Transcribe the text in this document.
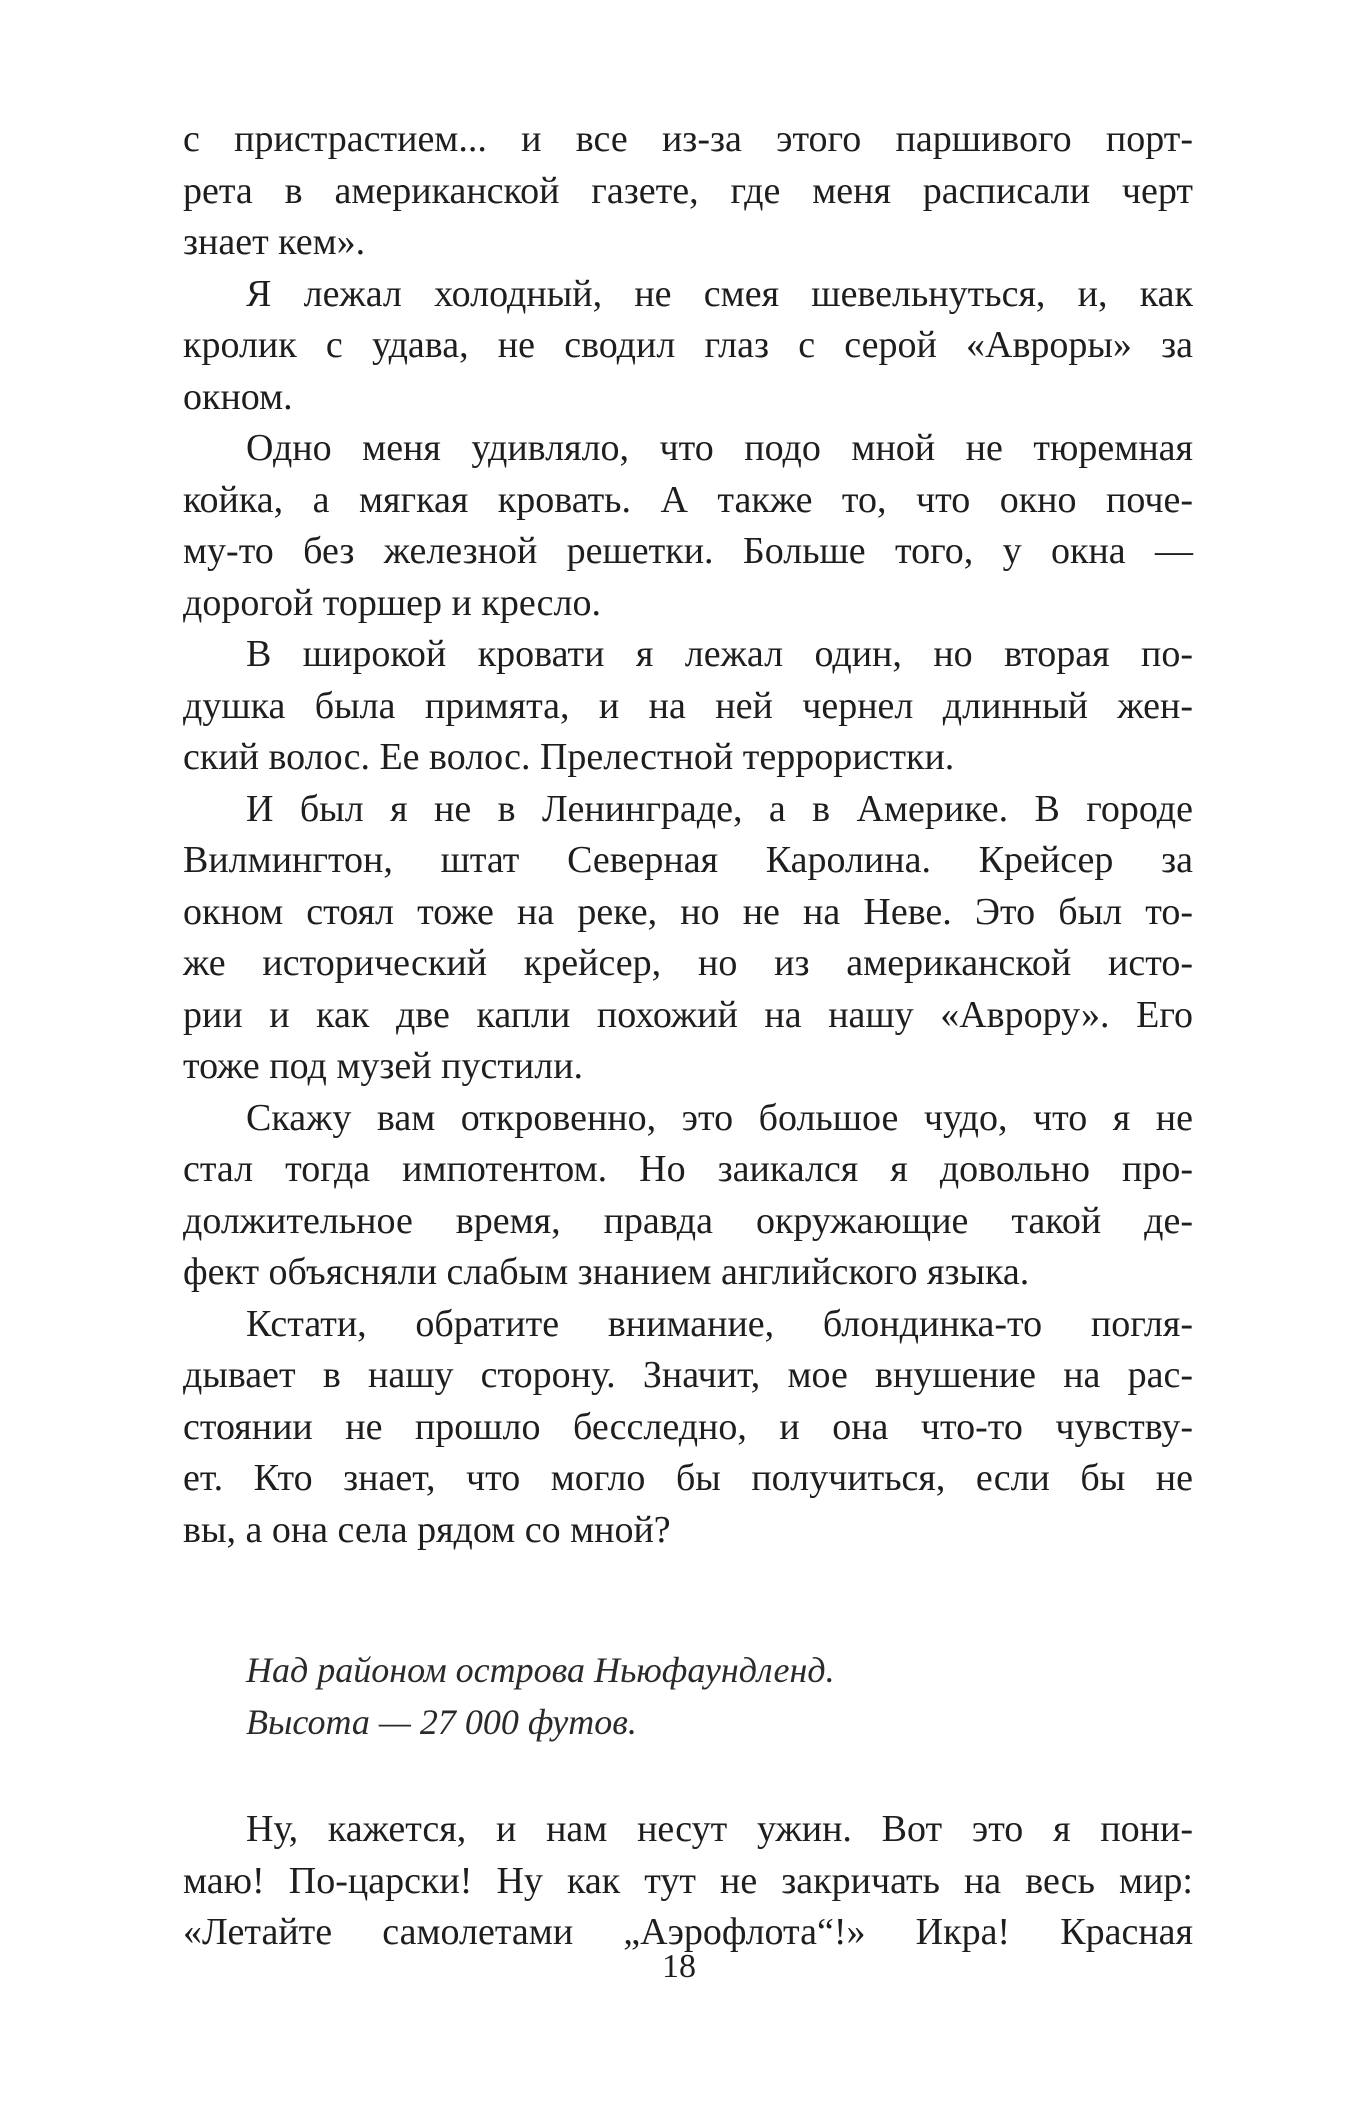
с пристрастием... и все из-за этого паршивого порт-
рета в американской газете, где меня расписали черт
знает кем».
Я лежал холодный, не смея шевельнуться, и, как
кролик с удава, не сводил глаз с серой «Авроры» за
окном.
Одно меня удивляло, что подо мной не тюремная
койка, а мягкая кровать. А также то, что окно поче-
му-то без железной решетки. Больше того, у окна —
дорогой торшер и кресло.
В широкой кровати я лежал один, но вторая по-
душка была примята, и на ней чернел длинный жен-
ский волос. Ее волос. Прелестной террористки.
И был я не в Ленинграде, а в Америке. В городе
Вилмингтон, штат Северная Каролина. Крейсер за
окном стоял тоже на реке, но не на Неве. Это был то-
же исторический крейсер, но из американской исто-
рии и как две капли похожий на нашу «Аврору». Его
тоже под музей пустили.
Скажу вам откровенно, это большое чудо, что я не
стал тогда импотентом. Но заикался я довольно про-
должительное время, правда окружающие такой де-
фект объясняли слабым знанием английского языка.
Кстати, обратите внимание, блондинка-то погля-
дывает в нашу сторону. Значит, мое внушение на рас-
стоянии не прошло бесследно, и она что-то чувству-
ет. Кто знает, что могло бы получиться, если бы не
вы, а она села рядом со мной?
Над районом острова Ньюфаундленд.
Высота — 27 000 футов.
Ну, кажется, и нам несут ужин. Вот это я пони-
маю! По-царски! Ну как тут не закричать на весь мир:
«Летайте самолетами „Аэрофлота“!» Икра! Красная
18
